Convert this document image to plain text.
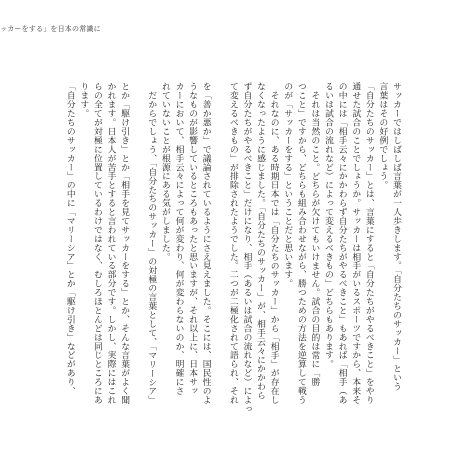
ッカーをする」を日本の常識に
サッカーではしばしば言葉が一人歩きします。「自分たちのサッカー」という
言葉はその好例でしょう。
「自分たちのサッカー」とは、言葉にすると「自分たちがやるべきこと」をやり
通せた試合のことでしょうか。サッカーは相手がいるスポーツですから、本来そ
の中には「相手云々にかかわらず自分たちがやるべきこと」もあれば「相手（あ
るいは試合の流れなど）によって変えるべきもの」どちらもあります。
それは当然のこと。どちらが欠けてもいけません。試合の目的は常に「勝
つこと」ですから、どちらも組み合わせながら、勝つための方法を逆算して戦う
のが「サッカーをする」ということだと思います。
それなのに、ある時期日本では「自分たちのサッカー」から「相手」が存在し
なくなったように感じました。「自分たちのサッカー」が、相手云々にかかわら
ず自分たちがやるべきこと」だけになり、相手（あるいは試合の流れなど）によっ
て変えるべきもの」が排除されたようでした。二つが二極化されて語られ、それ
を「善か悪か」で議論されているようにさえ見えました。そこには、国民性のよ
うなものが影響しているところもあったと思いますが、それ以上に、日本サッ
カーにおいて、相手云々によって何が変わり、何が変わらないのか、明確にさ
れていないことが根源にある気がしました。
だからでしょう、「自分たちのサッカー」の対極の言葉として、「マリーシア」
とか「駆け引き」とか「相手を見てサッカーをする」とか、そんな言葉がよく聞
かれます。日本人が苦手とすると言われている部分です。しかし、実際にはこれ
らの全てが対極に位置しているわけではなく、むしろほとんどは同じところにあ
ります。
「自分たちのサッカー」の中に「マリーシア」とか「駆け引き」などがあり、
